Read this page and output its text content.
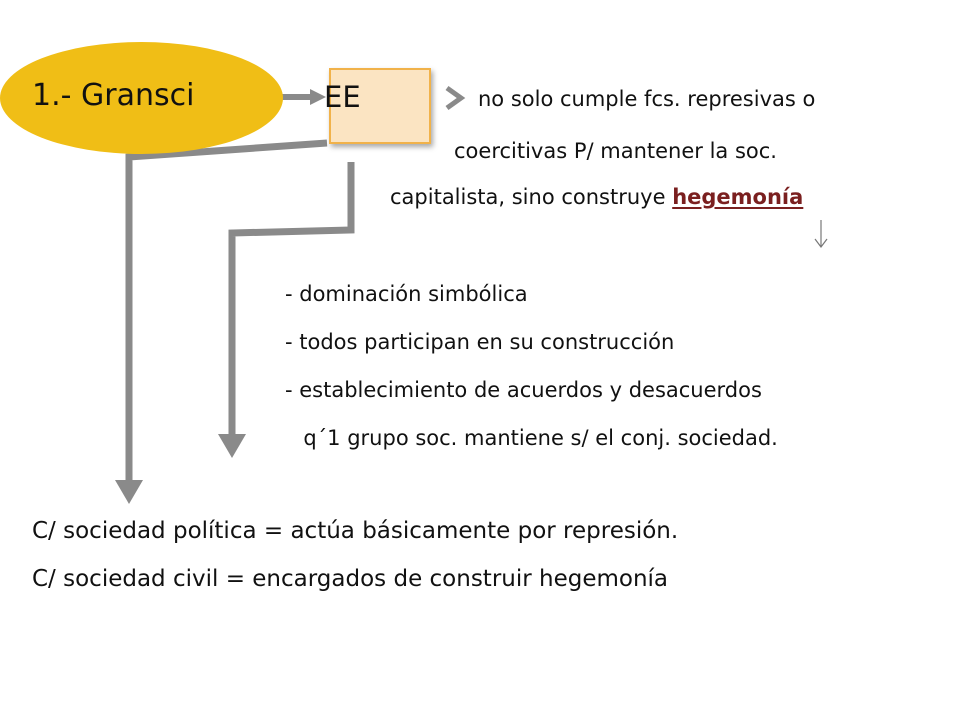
1.- Gransci	EE	no solo cumple fcs. represivas o
coercitivas P/ mantener la soc.
capitalista, sino construye hegemonía
- dominación simbólica
- todos participan en su construcción
- establecimiento de acuerdos y desacuerdos
q´1 grupo soc. mantiene s/ el conj. sociedad.
C/ sociedad política = actúa básicamente por represión.
C/ sociedad civil = encargados de construir hegemonía
